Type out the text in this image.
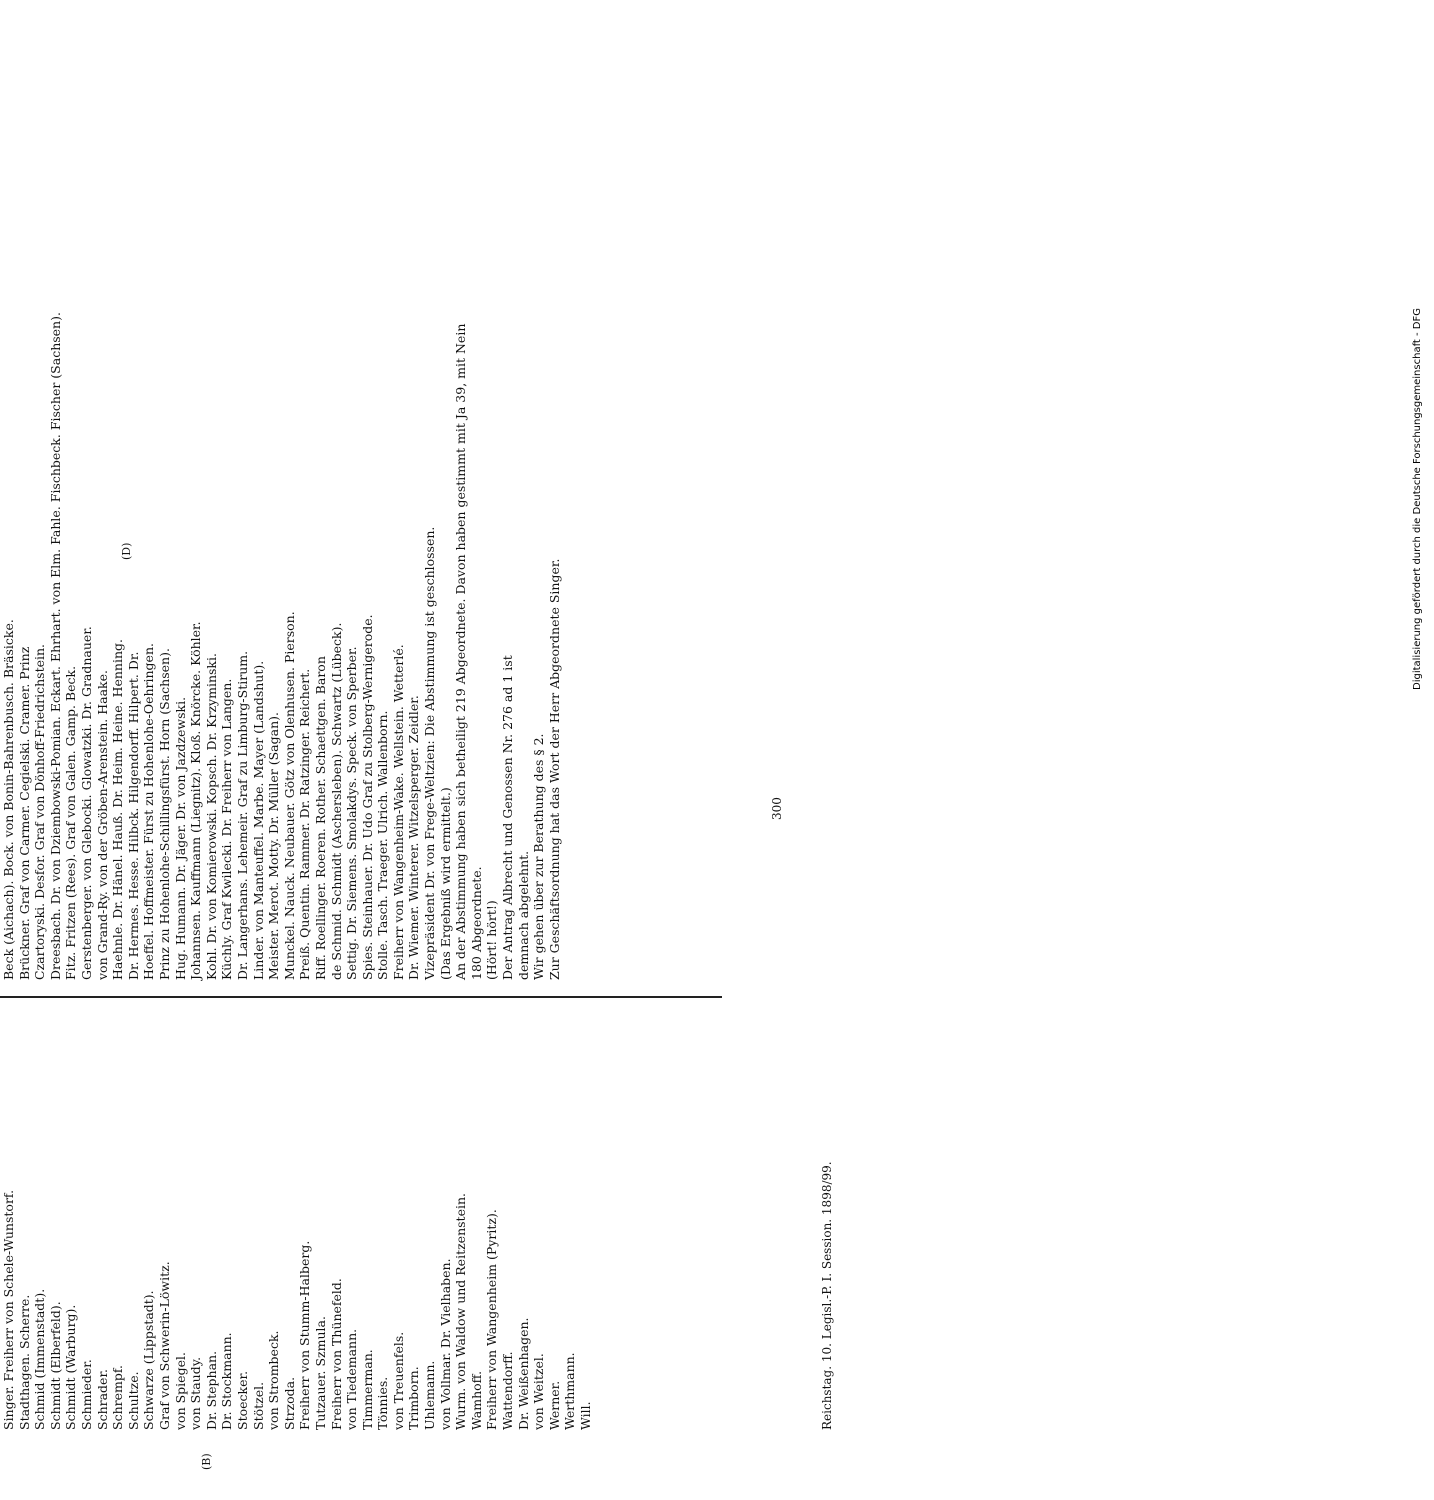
(B)
(D)
Singer. Freiherr von Schele-Wunstorf. Stadthagen. Scherre. Schmid (Immenstadt). Schmidt (Elberfeld). Schmidt (Warburg). Schmieder. Schrader. Schrempf. Schultze. Schwarze (Lippstadt). Graf von Schwerin-Löwitz. von Spiegel. von Staudy. Dr. Stephan. Dr. Stockmann. Stoecker. Stötzel. von Strombeck. Strzoda. Freiherr von Stumm-Halberg. Tutzauer. Szmula. Freiherr von Thünefeld. von Tiedemann. Timmerman. Tönnies. von Treuenfels. Trimborn. Uhlemann. von Vollmar. Dr. Vielhaben. Wurm. von Waldow und Reitzenstein. Wamhoff. Freiherr von Wangenheim (Pyritz). Wattendorff. Dr. Weißenhagen. von Weitzel. Werner. Werthmann. Will.
Beck (Aichach). Bock. von Bonin-Bahrenbusch. Bräsicke. Brückner. Graf von Carmer. Cegielski. Cramer. Prinz Czartoryski. Desfor. Graf von Dönhoff-Friedrichstein. Dreesbach. Dr. von Dziembowski-Pomian. Eckart. Ehrhart. von Elm. Fahle. Fischbeck. Fischer (Sachsen). Fitz. Fritzen (Rees). Graf von Galen. Gamp. Beck. Gerstenberger. von Glebocki. Glowatzki. Dr. Gradnauer. von Grand-Ry. von der Gröben-Arenstein. Haake. Haehnle. Dr. Hänel. Hauß. Dr. Heim. Heine. Henning. Dr. Hermes. Hesse. Hilbck. Hilgendorff. Hilpert. Dr. Hoeffel. Hoffmeister. Fürst zu Hohenlohe-Oehringen. Prinz zu Hohenlohe-Schillingsfürst. Horn (Sachsen). Hug. Humann. Dr. Jäger. Dr. von Jazdzewski. Johannsen. Kauffmann (Liegnitz). Kloß. Knörcke. Köhler. Kohl. Dr. von Komierowski. Kopsch. Dr. Krzyminski. Küchly. Graf Kwilecki. Dr. Freiherr von Langen. Dr. Langerhans. Lehemeir. Graf zu Limburg-Stirum. Linder. von Manteuffel. Marbe. Mayer (Landshut). Meister. Merot. Motty. Dr. Müller (Sagan). Munckel. Nauck. Neubauer. Götz von Olenhusen. Pierson. Preiß. Quentin. Rammer. Dr. Ratzinger. Reichert. Riff. Roellinger. Roeren. Rother. Schaettgen. Baron de Schmid. Schmidt (Aschersleben). Schwartz (Lübeck). Settig. Dr. Siemens. Smolakdys. Speck. von Sperber. Spies. Steinhauer. Dr. Udo Graf zu Stolberg-Wernigerode. Stolle. Tasch. Traeger. Ulrich. Wallenborn. Freiherr von Wangenheim-Wake. Wellstein. Wetterlé. Dr. Wiemer. Winterer. Witzelsperger. Zeidler. Vizepräsident Dr. von Frege-Weltzien: Die Abstimmung ist geschlossen. (Das Ergebniß wird ermittelt.) An der Abstimmung haben sich betheiligt 219 Abgeordnete. Davon haben gestimmt mit Ja 39, mit Nein 180 Abgeordnete. (Hört! hört!) Der Antrag Albrecht und Genossen Nr. 276 ad 1 ist demnach abgelehnt. Wir gehen über zur Berathung des § 2. Zur Geschäftsordnung hat das Wort der Herr Abgeordnete Singer.	300
Reichstag. 10. Legisl.-P. I. Session. 1898/99.
Digitalisierung gefördert durch die Deutsche Forschungsgemeinschaft - DFG
